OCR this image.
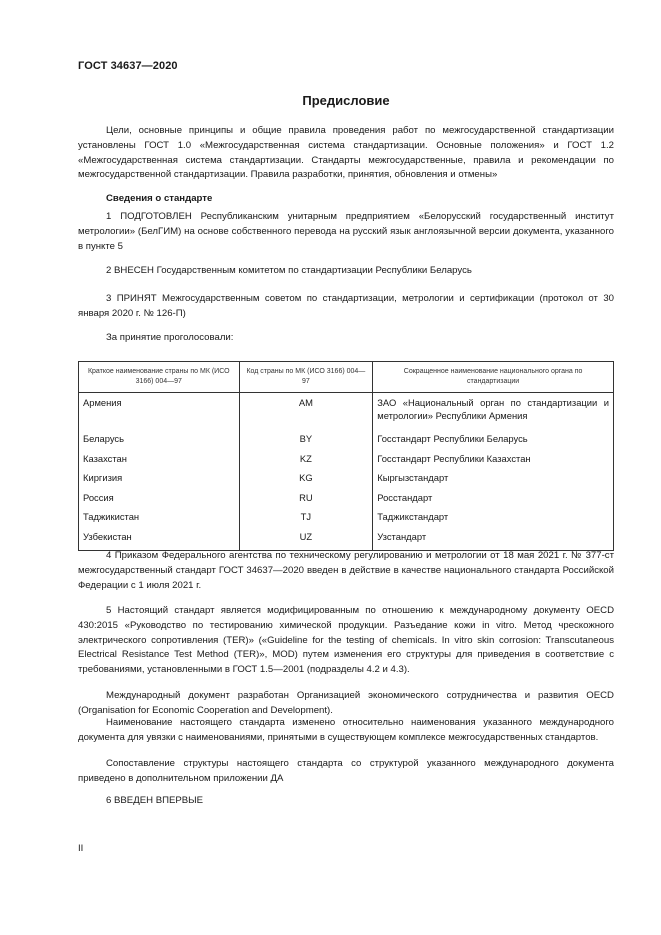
ГОСТ 34637—2020
Предисловие

Цели, основные принципы и общие правила проведения работ по межгосударственной стандартизации установлены ГОСТ 1.0 «Межгосударственная система стандартизации. Основные положения» и ГОСТ 1.2 «Межгосударственная система стандартизации. Стандарты межгосударственные, правила и рекомендации по межгосударственной стандартизации. Правила разработки, принятия, обновления и отмены»

Сведения о стандарте

1 ПОДГОТОВЛЕН Республиканским унитарным предприятием «Белорусский государственный институт метрологии» (БелГИМ) на основе собственного перевода на русский язык англоязычной версии документа, указанного в пункте 5

2 ВНЕСЕН Государственным комитетом по стандартизации Республики Беларусь

3 ПРИНЯТ Межгосударственным советом по стандартизации, метрологии и сертификации (протокол от 30 января 2020 г. № 126-П)

За принятие проголосовали:

Краткое наименование страны по МК (ИСО 3166) 004—97	Код страны по МК (ИСО 3166) 004—97	Сокращенное наименование национального органа по стандартизации
Армения	AM	ЗАО «Национальный орган по стандартизации и метрологии» Республики Армения
Беларусь	BY	Госстандарт Республики Беларусь
Казахстан	KZ	Госстандарт Республики Казахстан
Киргизия	KG	Кыргызстандарт
Россия	RU	Росстандарт
Таджикистан	TJ	Таджикстандарт
Узбекистан	UZ	Узстандарт

4 Приказом Федерального агентства по техническому регулированию и метрологии от 18 мая 2021 г. № 377-ст межгосударственный стандарт ГОСТ 34637—2020 введен в действие в качестве национального стандарта Российской Федерации с 1 июля 2021 г.

5 Настоящий стандарт является модифицированным по отношению к международному документу OECD 430:2015 «Руководство по тестированию химической продукции. Разъедание кожи in vitro. Метод чрескожного электрического сопротивления (TER)» («Guideline for the testing of chemicals. In vitro skin corrosion: Transcutaneous Electrical Resistance Test Method (TER)», MOD) путем изменения его структуры для приведения в соответствие с требованиями, установленными в ГОСТ 1.5—2001 (подразделы 4.2 и 4.3).

Международный документ разработан Организацией экономического сотрудничества и развития OECD (Organisation for Economic Cooperation and Development).

Наименование настоящего стандарта изменено относительно наименования указанного международного документа для увязки с наименованиями, принятыми в существующем комплексе межгосударственных стандартов.

Сопоставление структуры настоящего стандарта со структурой указанного международного документа приведено в дополнительном приложении ДА

6 ВВЕДЕН ВПЕРВЫЕ

II
